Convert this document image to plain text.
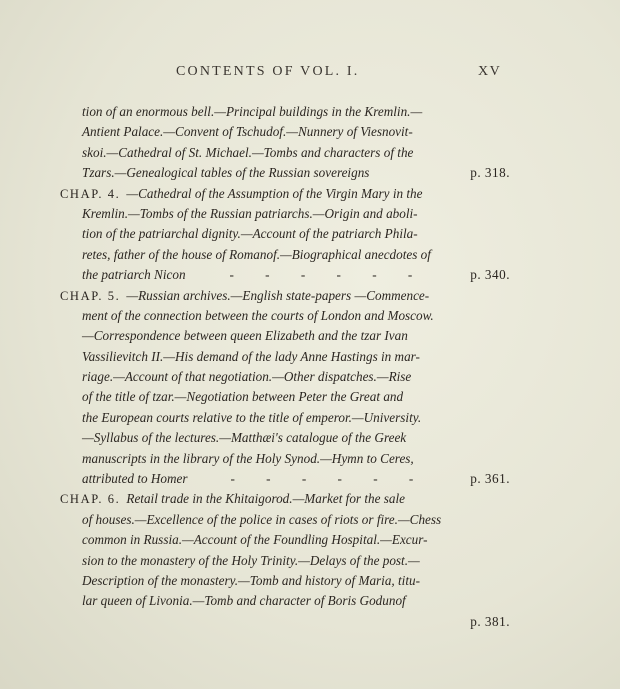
CONTENTS OF VOL. I.	XV
tion of an enormous bell.—Principal buildings in the Kremlin.—
Antient Palace.—Convent of Tschudof.—Nunnery of Viesnovit-
skoi.—Cathedral of St. Michael.—Tombs and characters of the
Tzars.—Genealogical tables of the Russian sovereigns	p. 318.
CHAP. 4. —Cathedral of the Assumption of the Virgin Mary in the
Kremlin.—Tombs of the Russian patriarchs.—Origin and aboli-
tion of the patriarchal dignity.—Account of the patriarch Phila-
retes, father of the house of Romanof.—Biographical anecdotes of
the patriarch Nicon	- - - - - -	p. 340.
CHAP. 5. —Russian archives.—English state-papers —Commence-
ment of the connection between the courts of London and Moscow.
—Correspondence between queen Elizabeth and the tzar Ivan
Vassilievitch II.—His demand of the lady Anne Hastings in mar-
riage.—Account of that negotiation.—Other dispatches.—Rise
of the title of tzar.—Negotiation between Peter the Great and
the European courts relative to the title of emperor.—University.
—Syllabus of the lectures.—Matthæi's catalogue of the Greek
manuscripts in the library of the Holy Synod.—Hymn to Ceres,
attributed to Homer	- - - - - -	p. 361.
CHAP. 6. Retail trade in the Khitaigorod.—Market for the sale
of houses.—Excellence of the police in cases of riots or fire.—Chess
common in Russia.—Account of the Foundling Hospital.—Excur-
sion to the monastery of the Holy Trinity.—Delays of the post.—
Description of the monastery.—Tomb and history of Maria, titu-
lar queen of Livonia.—Tomb and character of Boris Godunof
p. 381.
